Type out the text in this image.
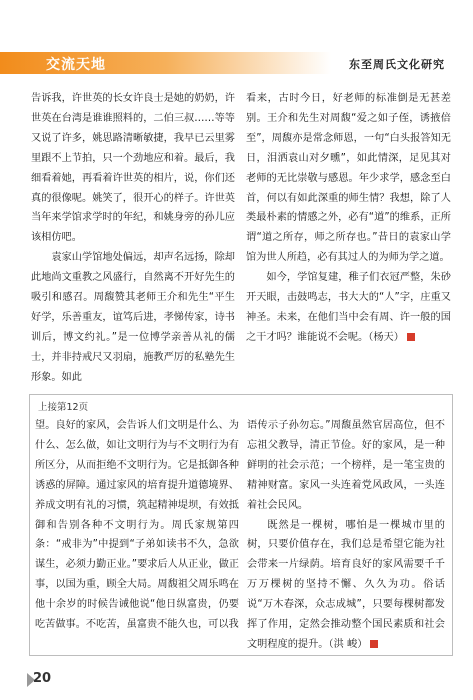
交流天地	东至周氏文化研究

告诉我，许世英的长女许良士是她的奶奶，许世英在台湾是谁谁照料的，二伯三叔……等等又说了许多，姚思路清晰敏捷，我早已云里雾里跟不上节拍，只一个劲地应和着。最后，我细看着她，再看着许世英的相片，说，你们还真的很像呢。姚笑了，很开心的样子。许世英当年来学馆求学时的年纪，和姚身旁的孙儿应该相仿吧。

袁家山学馆地处偏远，却声名远扬，除却此地尚文重教之风盛行，自然离不开好先生的吸引和感召。周馥赞其老师王介和先生“平生好学，乐善重友，谊笃后进，孝悌传家，诗书训后，博文约礼。”是一位博学亲善从礼的儒士，并非持戒尺又羽扇，施教严厉的私塾先生形象。如此

看来，古时今日，好老师的标准倒是无甚差别。王介和先生对周馥“爱之如子侄，诱掖倍至”，周馥亦是常念师恩，一句“白头报答知无日，泪洒袁山对夕曛”，如此情深，足见其对老师的无比崇敬与感恩。年少求学，感念至白首，何以有如此深重的师生情？我想，除了人类最朴素的情感之外，必有“道”的维系，正所谓“道之所存，师之所存也。”昔日的袁家山学馆为世人所趋，必有其过人的为师为学之道。

如今，学馆复建，稚子们衣冠严整，朱砂开天眼，击鼓鸣志，书大大的“人”字，庄重又神圣。未来，在他们当中会有周、许一般的国之干才吗？谁能说不会呢。（杨天）

上接第12页

望。良好的家风，会告诉人们文明是什么、为什么、怎么做，如让文明行为与不文明行为有所区分，从而拒绝不文明行为。它是抵御各种诱惑的屏障。通过家风的培育提升道德境界、养成文明有礼的习惯，筑起精神堤坝，有效抵御和告别各种不文明行为。周氏家规第四条：“戒非为”中提到“子弟如读书不久，急欲谋生，必须力勤正业。”要求后人从正业，做正事，以国为重，顾全大局。周馥祖父周乐鸣在他十余岁的时候告诫他说“他日纵富贵，仍要吃苦做事。不吃苦，虽富贵不能久也，可以我

语传示子孙勿忘。”周馥虽然官居高位，但不忘祖父教导，清正节俭。好的家风，是一种鲜明的社会示范；一个榜样，是一笔宝贵的精神财富。家风一头连着党风政风，一头连着社会民风。

既然是一棵树，哪怕是一棵城市里的树，只要价值存在，我们总是希望它能为社会带来一片绿荫。培育良好的家风需要千千万万棵树的坚持不懈、久久为功。俗话说“万木春深，众志成城”，只要每棵树都发挥了作用，定然会推动整个国民素质和社会文明程度的提升。（洪 峻）

20
